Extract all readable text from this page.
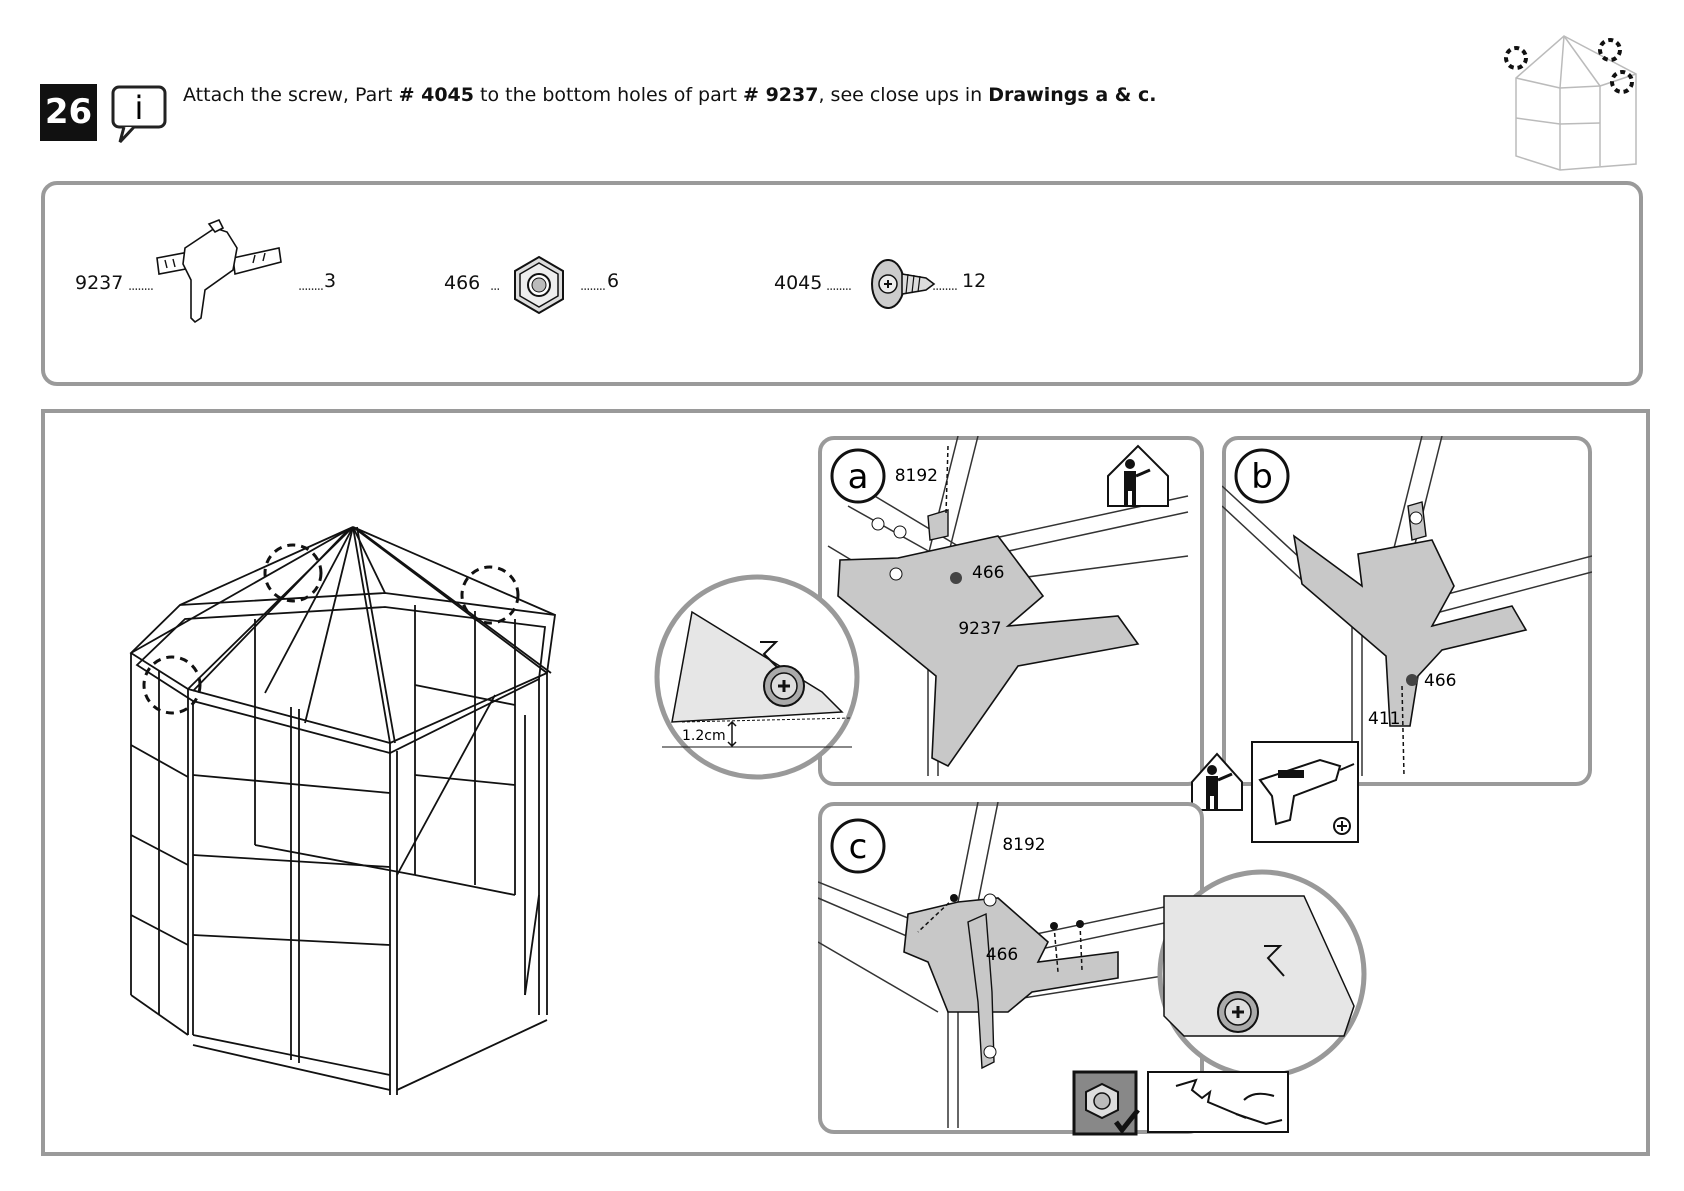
26 i Attach the screw, Part # 4045 to the bottom holes of part # 9237, see close ups in Drawings a & c.
9237 ........	........ 3	466 ...	........ 6	4045 ........	........ 12
a 8192
466
9237
1.2cm
b
466
411
c	8192
466
